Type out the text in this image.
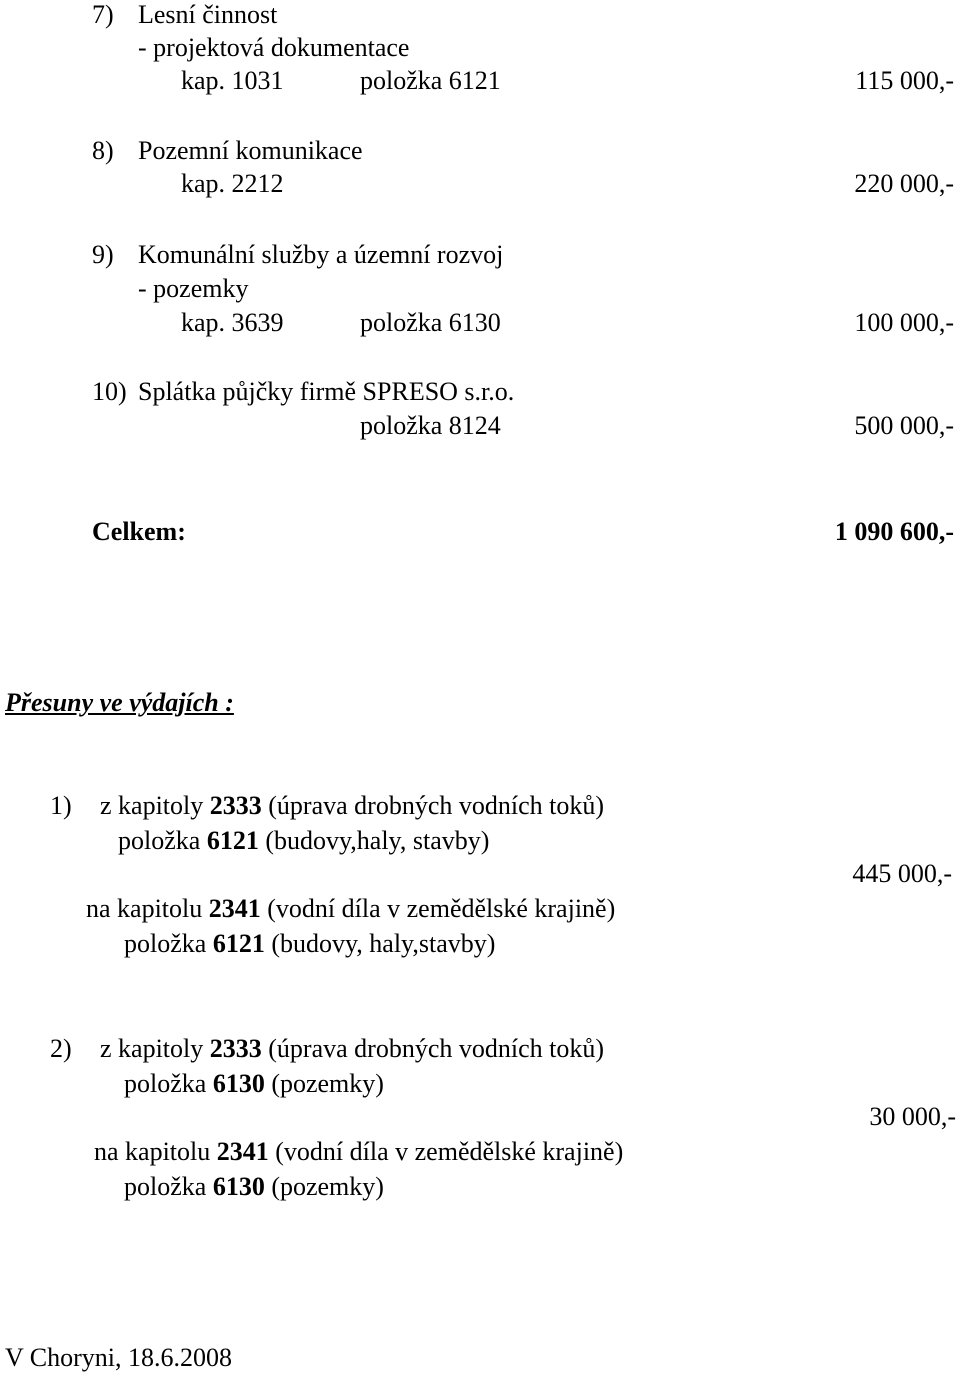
7) Lesní činnost
- projektová dokumentace
kap. 1031	položka 6121	115 000,-
8) Pozemní komunikace
kap. 2212	220 000,-
9) Komunální služby a územní rozvoj
- pozemky
kap. 3639	položka 6130	100 000,-
10) Splátka půjčky firmě SPRESO s.r.o.
položka 8124	500 000,-
Celkem:	1 090 600,-
Přesuny ve výdajích :
1) z kapitoly 2333 (úprava drobných vodních toků)
položka 6121 (budovy,haly, stavby)
445 000,-
na kapitolu 2341 (vodní díla v zemědělské krajině)
položka 6121 (budovy, haly,stavby)
2) z kapitoly 2333 (úprava drobných vodních toků)
položka 6130 (pozemky)
30 000,-
na kapitolu 2341 (vodní díla v zemědělské krajině)
položka 6130 (pozemky)
V Choryni, 18.6.2008
